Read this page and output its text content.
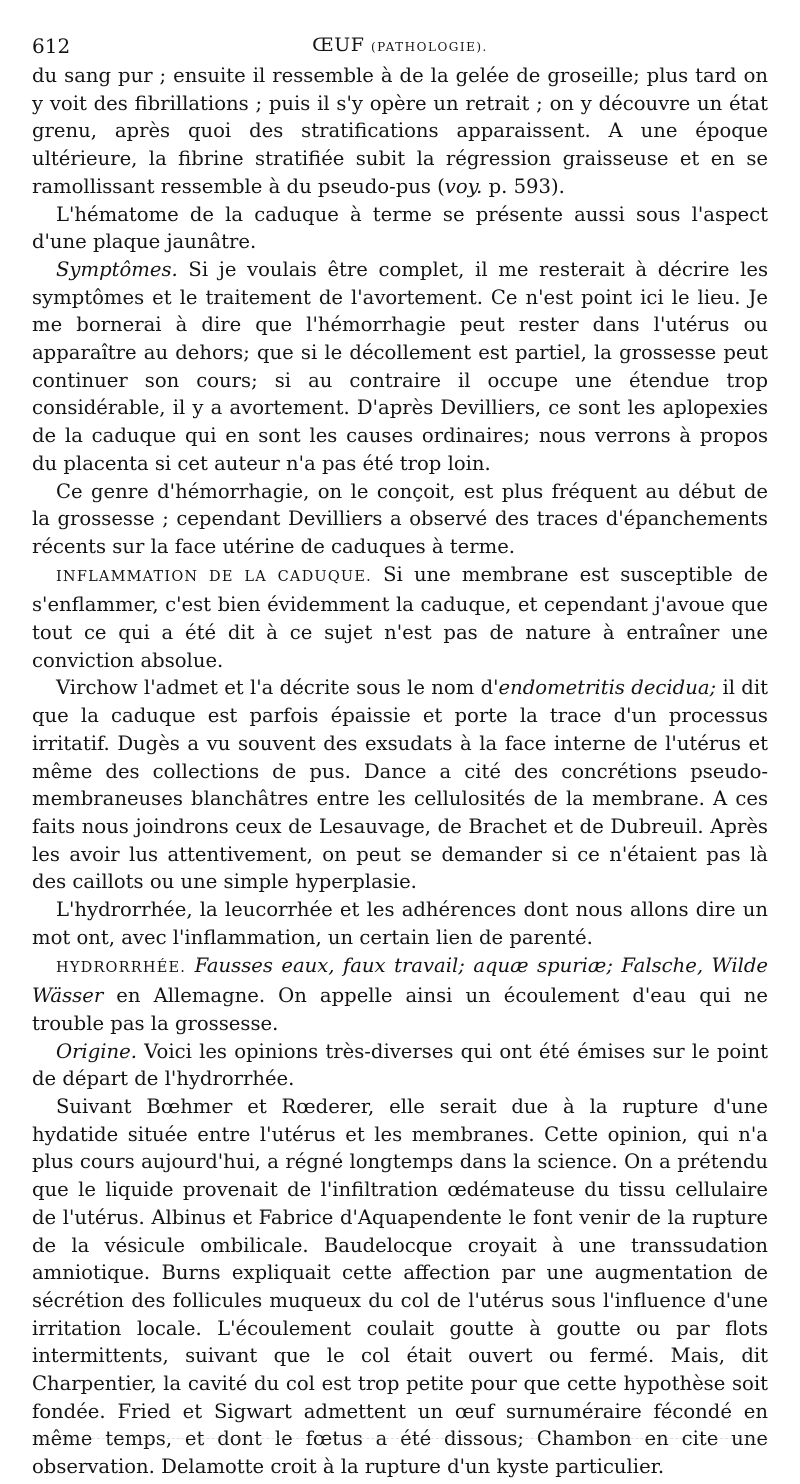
612	ŒUF (PATHOLOGIE).

du sang pur ; ensuite il ressemble à de la gelée de groseille; plus tard on y voit des fibrillations ; puis il s'y opère un retrait ; on y découvre un état grenu, après quoi des stratifications apparaissent. A une époque ultérieure, la fibrine stratifiée subit la régression graisseuse et en se ramollissant ressemble à du pseudo-pus (voy. p. 593).

L'hématome de la caduque à terme se présente aussi sous l'aspect d'une plaque jaunâtre.

Symptômes. Si je voulais être complet, il me resterait à décrire les symptômes et le traitement de l'avortement. Ce n'est point ici le lieu. Je me bornerai à dire que l'hémorrhagie peut rester dans l'utérus ou apparaître au dehors; que si le décollement est partiel, la grossesse peut continuer son cours; si au contraire il occupe une étendue trop considérable, il y a avortement. D'après Devilliers, ce sont les aplopexies de la caduque qui en sont les causes ordinaires; nous verrons à propos du placenta si cet auteur n'a pas été trop loin.

Ce genre d'hémorrhagie, on le conçoit, est plus fréquent au début de la grossesse ; cependant Devilliers a observé des traces d'épanchements récents sur la face utérine de caduques à terme.

INFLAMMATION DE LA CADUQUE. Si une membrane est susceptible de s'enflammer, c'est bien évidemment la caduque, et cependant j'avoue que tout ce qui a été dit à ce sujet n'est pas de nature à entraîner une conviction absolue.

Virchow l'admet et l'a décrite sous le nom d'endometritis decidua; il dit que la caduque est parfois épaissie et porte la trace d'un processus irritatif. Dugès a vu souvent des exsudats à la face interne de l'utérus et même des collections de pus. Dance a cité des concrétions pseudo-membraneuses blanchâtres entre les cellulosités de la membrane. A ces faits nous joindrons ceux de Lesauvage, de Brachet et de Dubreuil. Après les avoir lus attentivement, on peut se demander si ce n'étaient pas là des caillots ou une simple hyperplasie.

L'hydrorrhée, la leucorrhée et les adhérences dont nous allons dire un mot ont, avec l'inflammation, un certain lien de parenté.

HYDRORRHÉE. Fausses eaux, faux travail; aquæ spuriæ; Falsche, Wilde Wässer en Allemagne. On appelle ainsi un écoulement d'eau qui ne trouble pas la grossesse.

Origine. Voici les opinions très-diverses qui ont été émises sur le point de départ de l'hydrorrhée.

Suivant Bœhmer et Rœderer, elle serait due à la rupture d'une hydatide située entre l'utérus et les membranes. Cette opinion, qui n'a plus cours aujourd'hui, a régné longtemps dans la science. On a prétendu que le liquide provenait de l'infiltration œdémateuse du tissu cellulaire de l'utérus. Albinus et Fabrice d'Aquapendente le font venir de la rupture de la vésicule ombilicale. Baudelocque croyait à une transsudation amniotique. Burns expliquait cette affection par une augmentation de sécrétion des follicules muqueux du col de l'utérus sous l'influence d'une irritation locale. L'écoulement coulait goutte à goutte ou par flots intermittents, suivant que le col était ouvert ou fermé. Mais, dit Charpentier, la cavité du col est trop petite pour que cette hypothèse soit fondée. Fried et Sigwart admettent un œuf surnuméraire fécondé en même temps, et dont le fœtus a été dissous; Chambon en cite une observation. Delamotte croit à la rupture d'un kyste particulier.
